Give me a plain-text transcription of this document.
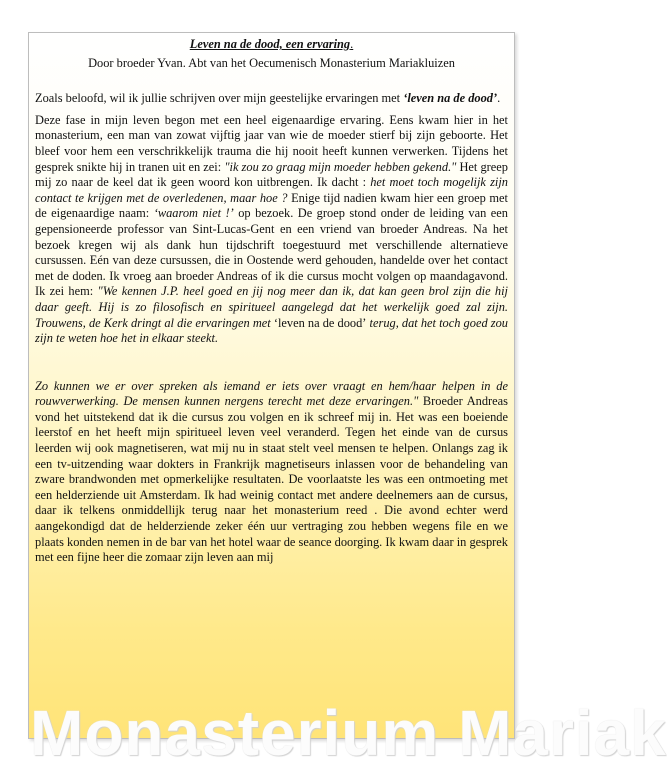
Leven na de dood, een ervaring.

Door broeder Yvan. Abt van het Oecumenisch Monasterium Mariakluizen

Zoals beloofd, wil ik jullie schrijven over mijn geestelijke ervaringen met ‘leven na de dood’.

Deze fase in mijn leven begon met een heel eigenaardige ervaring. Eens kwam hier in het monasterium, een man van zowat vijftig jaar van wie de moeder stierf bij zijn geboorte. Het bleef voor hem een verschrikkelijk trauma die hij nooit heeft kunnen verwerken. Tijdens het gesprek snikte hij in tranen uit en zei: "ik zou zo graag mijn moeder hebben gekend." Het greep mij zo naar de keel dat ik geen woord kon uitbrengen. Ik dacht : het moet toch mogelijk zijn contact te krijgen met de overledenen, maar hoe ? Enige tijd nadien kwam hier een groep met de eigenaardige naam: ‘waarom niet !’ op bezoek. De groep stond onder de leiding van een gepensioneerde professor van Sint-Lucas-Gent en een vriend van broeder Andreas. Na het bezoek kregen wij als dank hun tijdschrift toegestuurd met verschillende alternatieve cursussen. Eén van deze cursussen, die in Oostende werd gehouden, handelde over het contact met de doden. Ik vroeg aan broeder Andreas of ik die cursus mocht volgen op maandagavond. Ik zei hem: "We kennen J.P. heel goed en jij nog meer dan ik, dat kan geen brol zijn die hij daar geeft. Hij is zo filosofisch en spiritueel aangelegd dat het werkelijk goed zal zijn. Trouwens, de Kerk dringt al die ervaringen met ‘leven na de dood’ terug, dat het toch goed zou zijn te weten hoe het in elkaar steekt.

Zo kunnen we er over spreken als iemand er iets over vraagt en hem/haar helpen in de rouwverwerking. De mensen kunnen nergens terecht met deze ervaringen." Broeder Andreas vond het uitstekend dat ik die cursus zou volgen en ik schreef mij in. Het was een boeiende leerstof en het heeft mijn spiritueel leven veel veranderd. Tegen het einde van de cursus leerden wij ook magnetiseren, wat mij nu in staat stelt veel mensen te helpen. Onlangs zag ik een tv-uitzending waar dokters in Frankrijk magnetiseurs inlassen voor de behandeling van zware brandwonden met opmerkelijke resultaten. De voorlaatste les was een ontmoeting met een helderziende uit Amsterdam. Ik had weinig contact met andere deelnemers aan de cursus, daar ik telkens onmiddellijk terug naar het monasterium reed . Die avond echter werd aangekondigd dat de helderziende zeker één uur vertraging zou hebben wegens file en we plaats konden nemen in de bar van het hotel waar de seance doorging. Ik kwam daar in gesprek met een fijne heer die zomaar zijn leven aan mij

Monasterium Mariak
